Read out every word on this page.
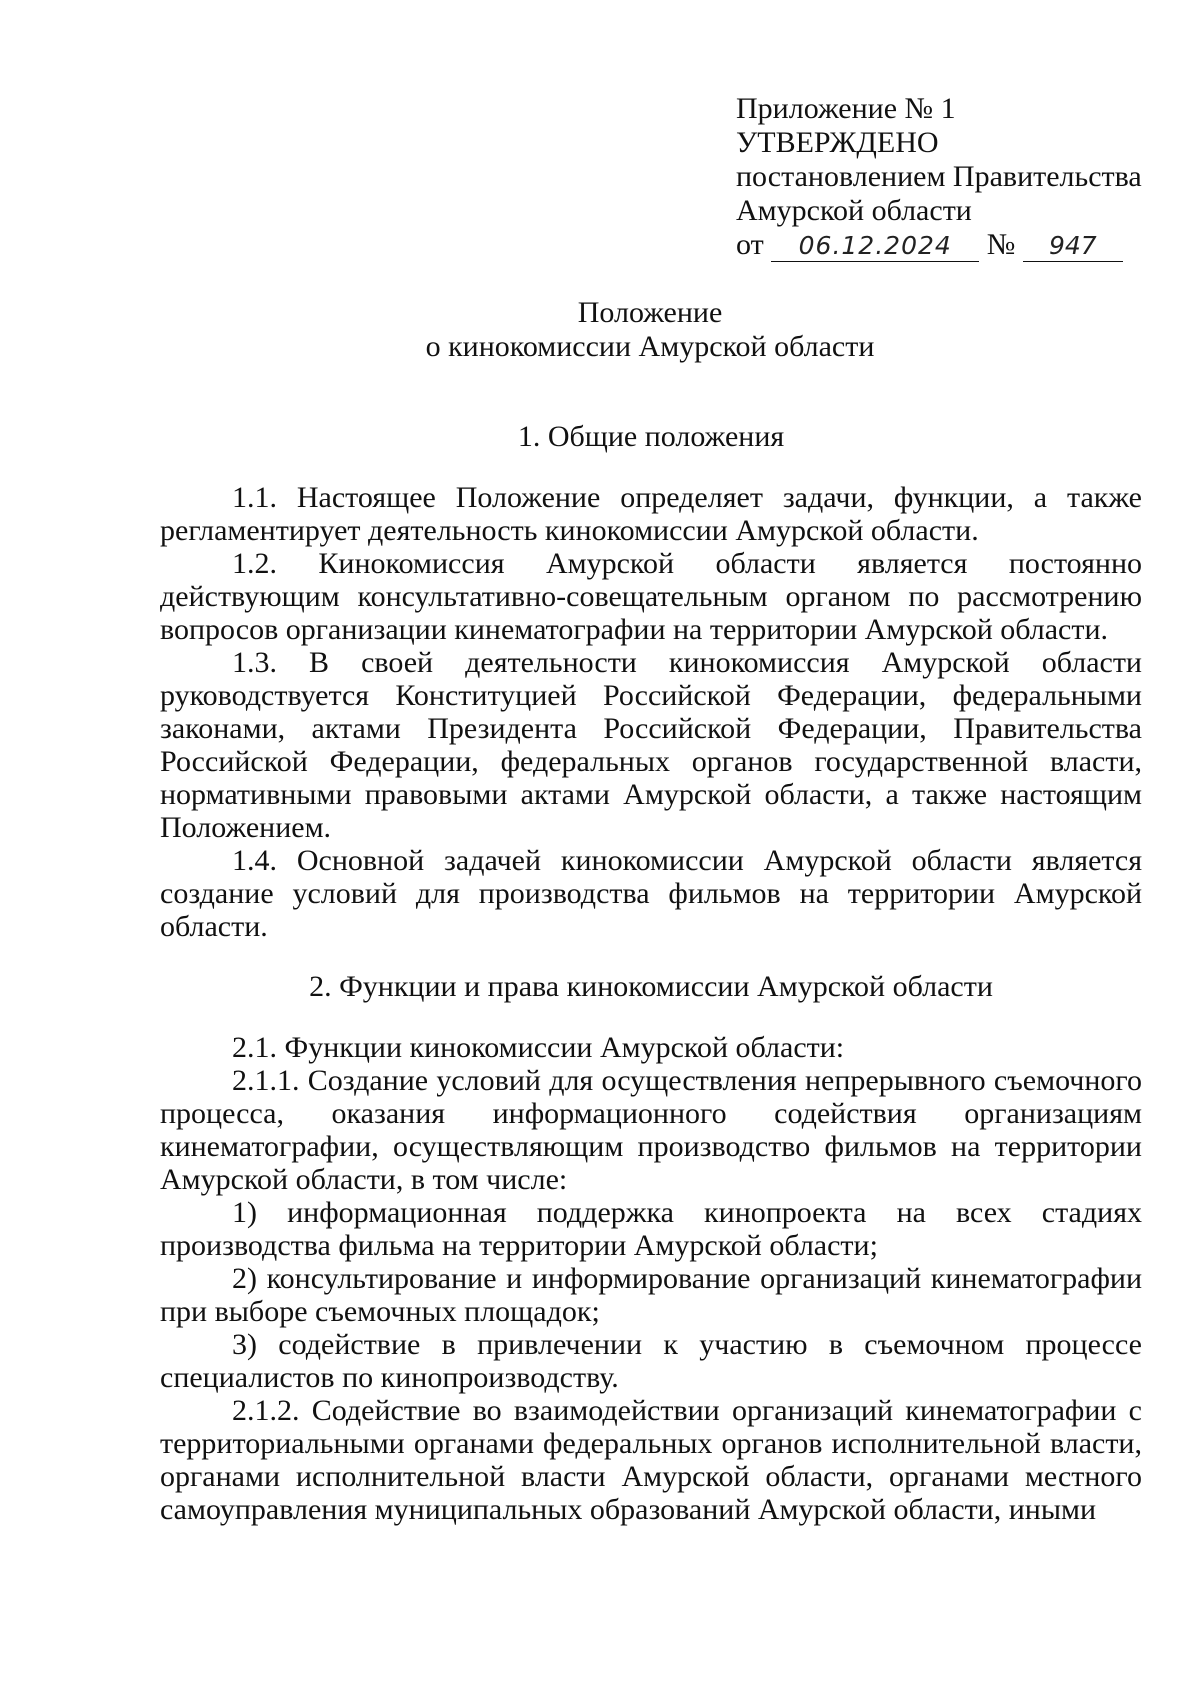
Приложение № 1
УТВЕРЖДЕНО
постановлением Правительства
Амурской области
от 06.12.2024 № 947
Положение
о кинокомиссии Амурской области

1. Общие положения

1.1. Настоящее Положение определяет задачи, функции, а также регламентирует деятельность кинокомиссии Амурской области.

1.2. Кинокомиссия Амурской области является постоянно действующим консультативно-совещательным органом по рассмотрению вопросов организации кинематографии на территории Амурской области.

1.3. В своей деятельности кинокомиссия Амурской области руководствуется Конституцией Российской Федерации, федеральными законами, актами Президента Российской Федерации, Правительства Российской Федерации, федеральных органов государственной власти, нормативными правовыми актами Амурской области, а также настоящим Положением.

1.4. Основной задачей кинокомиссии Амурской области является создание условий для производства фильмов на территории Амурской области.

2. Функции и права кинокомиссии Амурской области

2.1. Функции кинокомиссии Амурской области:

2.1.1. Создание условий для осуществления непрерывного съемочного процесса, оказания информационного содействия организациям кинематографии, осуществляющим производство фильмов на территории Амурской области, в том числе:

1) информационная поддержка кинопроекта на всех стадиях производства фильма на территории Амурской области;

2) консультирование и информирование организаций кинематографии при выборе съемочных площадок;

3) содействие в привлечении к участию в съемочном процессе специалистов по кинопроизводству.

2.1.2. Содействие во взаимодействии организаций кинематографии с территориальными органами федеральных органов исполнительной власти, органами исполнительной власти Амурской области, органами местного самоуправления муниципальных образований Амурской области, иными
